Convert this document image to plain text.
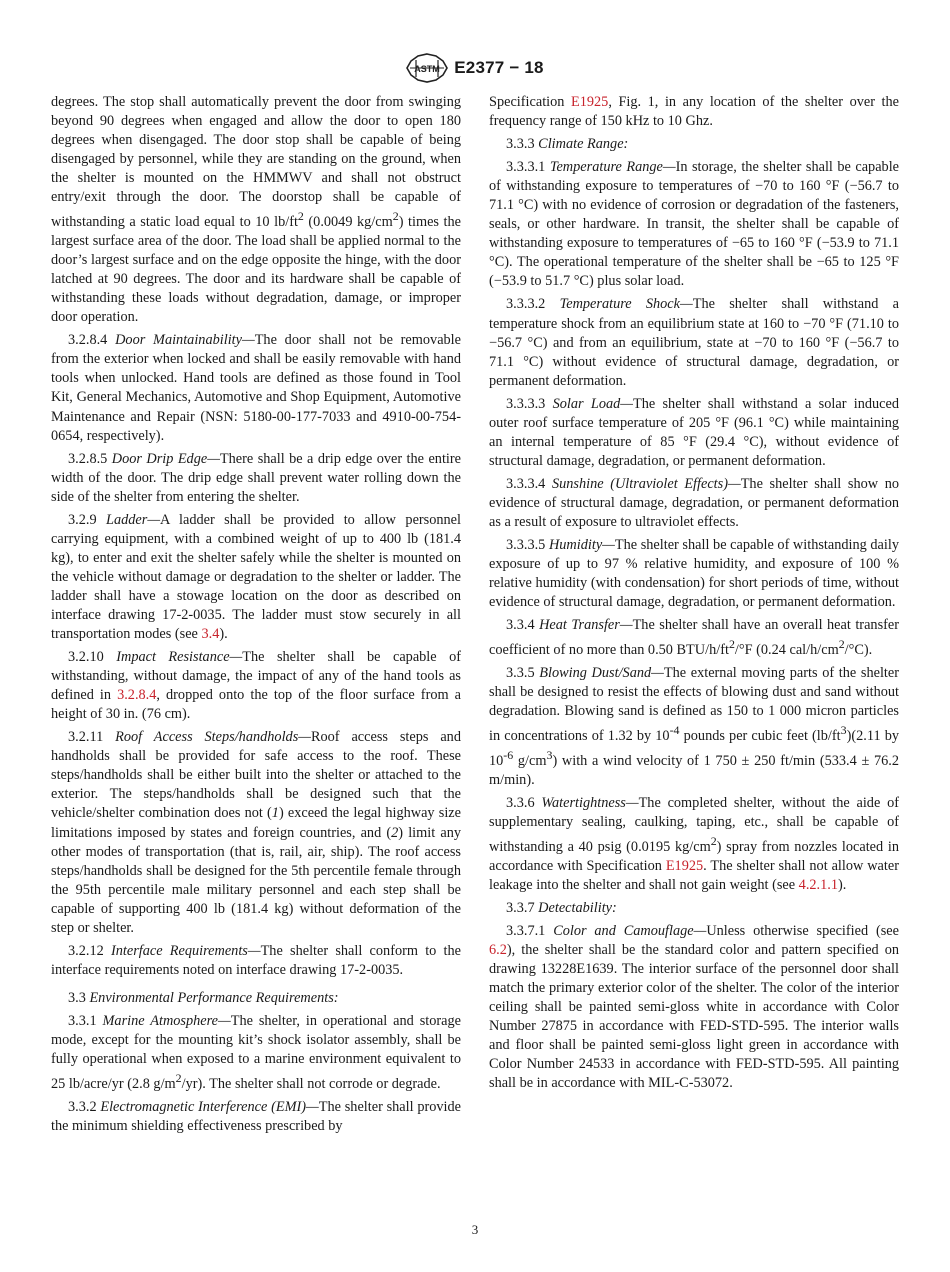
ASTM E2377 − 18

degrees. The stop shall automatically prevent the door from swinging beyond 90 degrees when engaged and allow the door to open 180 degrees when disengaged. The door stop shall be capable of being disengaged by personnel, while they are standing on the ground, when the shelter is mounted on the HMMWV and shall not obstruct entry/exit through the door. The doorstop shall be capable of withstanding a static load equal to 10 $lb/ft^2$ (0.0049 $kg/cm^2$) times the largest surface area of the door. The load shall be applied normal to the door’s largest surface and on the edge opposite the hinge, with the door latched at 90 degrees. The door and its hardware shall be capable of withstanding these loads without degradation, damage, or improper door operation.

3.2.8.4 Door Maintainability—The door shall not be removable from the exterior when locked and shall be easily removable with hand tools when unlocked. Hand tools are defined as those found in Tool Kit, General Mechanics, Automotive and Shop Equipment, Automotive Maintenance and Repair (NSN: 5180-00-177-7033 and 4910-00-754-0654, respectively).

3.2.8.5 Door Drip Edge—There shall be a drip edge over the entire width of the door. The drip edge shall prevent water rolling down the side of the shelter from entering the shelter.

3.2.9 Ladder—A ladder shall be provided to allow personnel carrying equipment, with a combined weight of up to 400 lb (181.4 kg), to enter and exit the shelter safely while the shelter is mounted on the vehicle without damage or degradation to the shelter or ladder. The ladder shall have a stowage location on the door as described on interface drawing 17-2-0035. The ladder must stow securely in all transportation modes (see 3.4).

3.2.10 Impact Resistance—The shelter shall be capable of withstanding, without damage, the impact of any of the hand tools as defined in 3.2.8.4, dropped onto the top of the floor surface from a height of 30 in. (76 cm).

3.2.11 Roof Access Steps/handholds—Roof access steps and handholds shall be provided for safe access to the roof. These steps/handholds shall be either built into the shelter or attached to the exterior. The steps/handholds shall be designed such that the vehicle/shelter combination does not (1) exceed the legal highway size limitations imposed by states and foreign countries, and (2) limit any other modes of transportation (that is, rail, air, ship). The roof access steps/handholds shall be designed for the 5th percentile female through the 95th percentile male military personnel and each step shall be capable of supporting 400 lb (181.4 kg) without deformation of the step or shelter.

3.2.12 Interface Requirements—The shelter shall conform to the interface requirements noted on interface drawing 17-2-0035.

3.3 Environmental Performance Requirements:

3.3.1 Marine Atmosphere—The shelter, in operational and storage mode, except for the mounting kit’s shock isolator assembly, shall be fully operational when exposed to a marine environment equivalent to 25 lb/acre/yr (2.8 $g/m^2/yr$). The shelter shall not corrode or degrade.

3.3.2 Electromagnetic Interference (EMI)—The shelter shall provide the minimum shielding effectiveness prescribed by

Specification E1925, Fig. 1, in any location of the shelter over the frequency range of 150 kHz to 10 Ghz.

3.3.3 Climate Range:

3.3.3.1 Temperature Range—In storage, the shelter shall be capable of withstanding exposure to temperatures of −70 to 160 °F (−56.7 to 71.1 °C) with no evidence of corrosion or degradation of the fasteners, seals, or other hardware. In transit, the shelter shall be capable of withstanding exposure to temperatures of −65 to 160 °F (−53.9 to 71.1 °C). The operational temperature of the shelter shall be −65 to 125 °F (−53.9 to 51.7 °C) plus solar load.

3.3.3.2 Temperature Shock—The shelter shall withstand a temperature shock from an equilibrium state at 160 to −70 °F (71.10 to −56.7 °C) and from an equilibrium, state at −70 to 160 °F (−56.7 to 71.1 °C) without evidence of structural damage, degradation, or permanent deformation.

3.3.3.3 Solar Load—The shelter shall withstand a solar induced outer roof surface temperature of 205 °F (96.1 °C) while maintaining an internal temperature of 85 °F (29.4 °C), without evidence of structural damage, degradation, or permanent deformation.

3.3.3.4 Sunshine (Ultraviolet Effects)—The shelter shall show no evidence of structural damage, degradation, or permanent deformation as a result of exposure to ultraviolet effects.

3.3.3.5 Humidity—The shelter shall be capable of withstanding daily exposure of up to 97 % relative humidity, and exposure of 100 % relative humidity (with condensation) for short periods of time, without evidence of structural damage, degradation, or permanent deformation.

3.3.4 Heat Transfer—The shelter shall have an overall heat transfer coefficient of no more than 0.50 BTU/$h/ft^2/^\circ F$ (0.24 cal/$h/cm^2/^\circ C$).

3.3.5 Blowing Dust/Sand—The external moving parts of the shelter shall be designed to resist the effects of blowing dust and sand without degradation. Blowing sand is defined as 150 to 1 000 micron particles in concentrations of 1.32 by $10^{-4}$ pounds per cubic feet $(lb/ft^3)(2.11$ by $10^{-6}$ $g/cm^3$) with a wind velocity of 1 750 ± 250 ft/min (533.4 ± 76.2 m/min).

3.3.6 Watertightness—The completed shelter, without the aide of supplementary sealing, caulking, taping, etc., shall be capable of withstanding a 40 psig (0.0195 $kg/cm^2$) spray from nozzles located in accordance with Specification E1925. The shelter shall not allow water leakage into the shelter and shall not gain weight (see 4.2.1.1).

3.3.7 Detectability:

3.3.7.1 Color and Camouflage—Unless otherwise specified (see 6.2), the shelter shall be the standard color and pattern specified on drawing 13228E1639. The interior surface of the personnel door shall match the primary exterior color of the shelter. The color of the interior ceiling shall be painted semi-gloss white in accordance with Color Number 27875 in accordance with FED-STD-595. The interior walls and floor shall be painted semi-gloss light green in accordance with Color Number 24533 in accordance with FED-STD-595. All painting shall be in accordance with MIL-C-53072.

3
